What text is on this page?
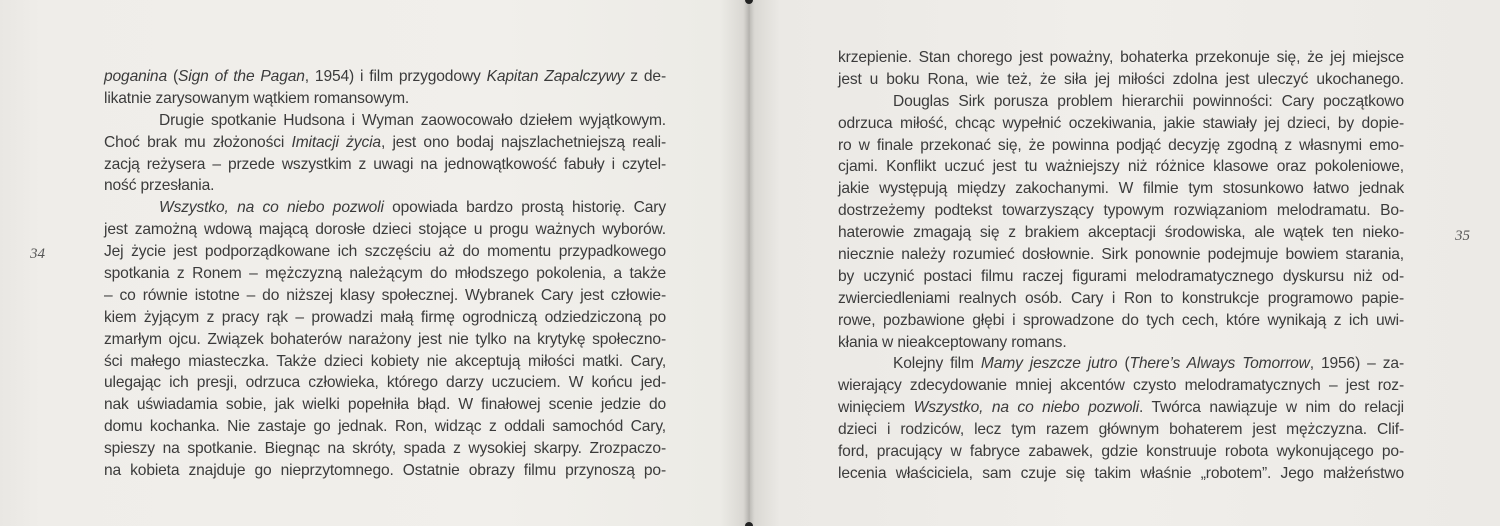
34
35
poganina (Sign of the Pagan, 1954) i film przygodowy Kapitan Zapalczywy z de-
likatnie zarysowanym wątkiem romansowym.
Drugie spotkanie Hudsona i Wyman zaowocowało dziełem wyjątkowym.
Choć brak mu złożoności Imitacji życia, jest ono bodaj najszlachetniejszą reali-
zacją reżysera – przede wszystkim z uwagi na jednowątkowość fabuły i czytel-
ność przesłania.
Wszystko, na co niebo pozwoli opowiada bardzo prostą historię. Cary
jest zamożną wdową mającą dorosłe dzieci stojące u progu ważnych wyborów.
Jej życie jest podporządkowane ich szczęściu aż do momentu przypadkowego
spotkania z Ronem – mężczyzną należącym do młodszego pokolenia, a także
– co równie istotne – do niższej klasy społecznej. Wybranek Cary jest człowie-
kiem żyjącym z pracy rąk – prowadzi małą firmę ogrodniczą odziedziczoną po
zmarłym ojcu. Związek bohaterów narażony jest nie tylko na krytykę społeczno-
ści małego miasteczka. Także dzieci kobiety nie akceptują miłości matki. Cary,
ulegając ich presji, odrzuca człowieka, którego darzy uczuciem. W końcu jed-
nak uświadamia sobie, jak wielki popełniła błąd. W finałowej scenie jedzie do
domu kochanka. Nie zastaje go jednak. Ron, widząc z oddali samochód Cary,
spieszy na spotkanie. Biegnąc na skróty, spada z wysokiej skarpy. Zrozpaczo-
na kobieta znajduje go nieprzytomnego. Ostatnie obrazy filmu przynoszą po-
krzepienie. Stan chorego jest poważny, bohaterka przekonuje się, że jej miejsce
jest u boku Rona, wie też, że siła jej miłości zdolna jest uleczyć ukochanego.
Douglas Sirk porusza problem hierarchii powinności: Cary początkowo
odrzuca miłość, chcąc wypełnić oczekiwania, jakie stawiały jej dzieci, by dopie-
ro w finale przekonać się, że powinna podjąć decyzję zgodną z własnymi emo-
cjami. Konflikt uczuć jest tu ważniejszy niż różnice klasowe oraz pokoleniowe,
jakie występują między zakochanymi. W filmie tym stosunkowo łatwo jednak
dostrzeżemy podtekst towarzyszący typowym rozwiązaniom melodramatu. Bo-
haterowie zmagają się z brakiem akceptacji środowiska, ale wątek ten nieko-
niecznie należy rozumieć dosłownie. Sirk ponownie podejmuje bowiem starania,
by uczynić postaci filmu raczej figurami melodramatycznego dyskursu niż od-
zwierciedleniami realnych osób. Cary i Ron to konstrukcje programowo papie-
rowe, pozbawione głębi i sprowadzone do tych cech, które wynikają z ich uwi-
kłania w nieakceptowany romans.
Kolejny film Mamy jeszcze jutro (There’s Always Tomorrow, 1956) – za-
wierający zdecydowanie mniej akcentów czysto melodramatycznych – jest roz-
winięciem Wszystko, na co niebo pozwoli. Twórca nawiązuje w nim do relacji
dzieci i rodziców, lecz tym razem głównym bohaterem jest mężczyzna. Clif-
ford, pracujący w fabryce zabawek, gdzie konstruuje robota wykonującego po-
lecenia właściciela, sam czuje się takim właśnie „robotem”. Jego małżeństwo
